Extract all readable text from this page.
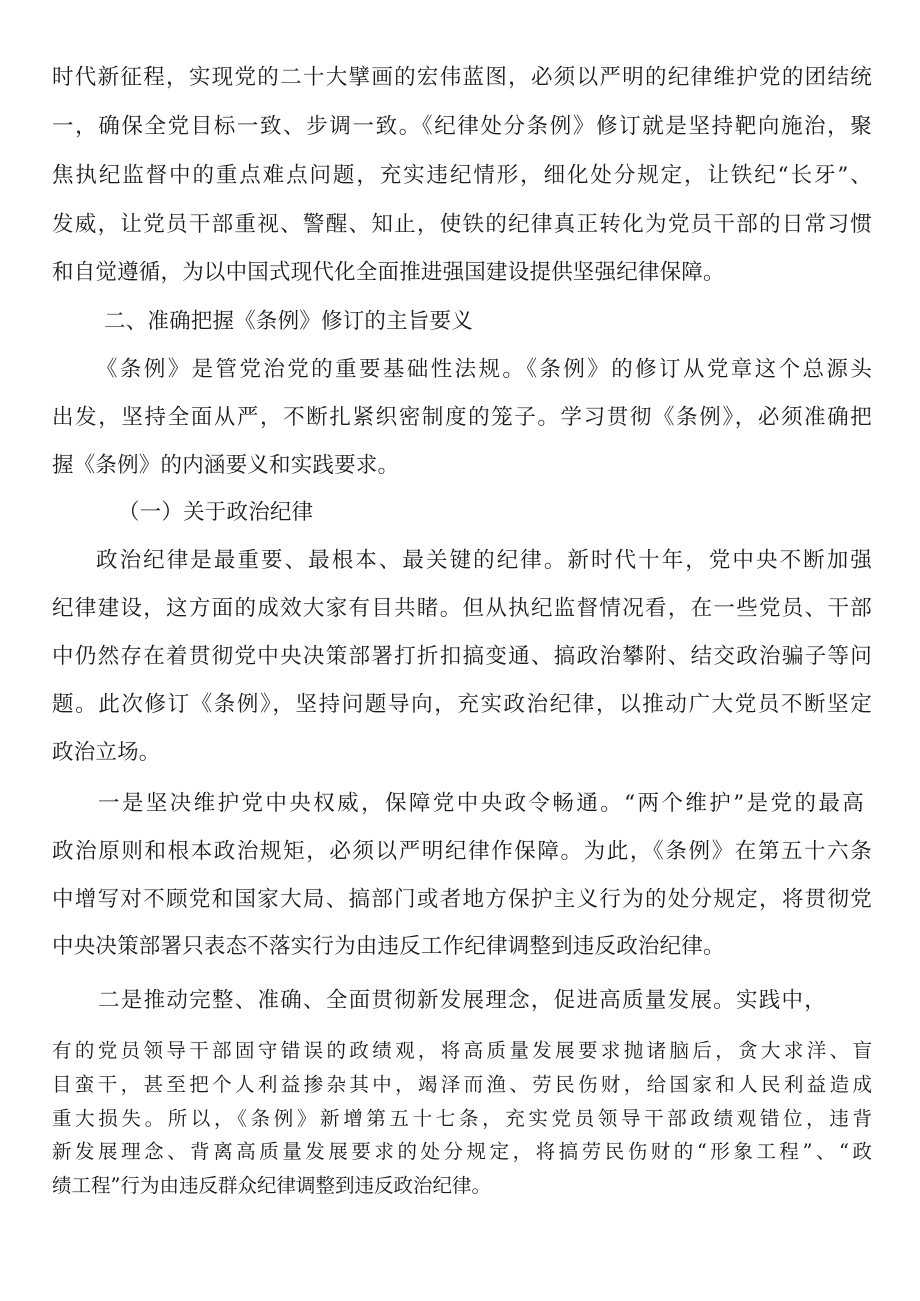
时代新征程，实现党的二十大擘画的宏伟蓝图，必须以严明的纪律维护党的团结统
一，确保全党目标一致、步调一致。《纪律处分条例》修订就是坚持靶向施治，聚
焦执纪监督中的重点难点问题，充实违纪情形，细化处分规定，让铁纪“长牙”、
发威，让党员干部重视、警醒、知止，使铁的纪律真正转化为党员干部的日常习惯
和自觉遵循，为以中国式现代化全面推进强国建设提供坚强纪律保障。
二、准确把握《条例》修订的主旨要义
《条例》是管党治党的重要基础性法规。《条例》的修订从党章这个总源头
出发，坚持全面从严，不断扎紧织密制度的笼子。学习贯彻《条例》，必须准确把
握《条例》的内涵要义和实践要求。
（一）关于政治纪律
政治纪律是最重要、最根本、最关键的纪律。新时代十年，党中央不断加强
纪律建设，这方面的成效大家有目共睹。但从执纪监督情况看，在一些党员、干部
中仍然存在着贯彻党中央决策部署打折扣搞变通、搞政治攀附、结交政治骗子等问
题。此次修订《条例》，坚持问题导向，充实政治纪律，以推动广大党员不断坚定
政治立场。
一是坚决维护党中央权威，保障党中央政令畅通。“两个维护”是党的最高
政治原则和根本政治规矩，必须以严明纪律作保障。为此，《条例》在第五十六条
中增写对不顾党和国家大局、搞部门或者地方保护主义行为的处分规定，将贯彻党
中央决策部署只表态不落实行为由违反工作纪律调整到违反政治纪律。
二是推动完整、准确、全面贯彻新发展理念，促进高质量发展。实践中，
有的党员领导干部固守错误的政绩观，将高质量发展要求抛诸脑后，贪大求洋、盲
目蛮干，甚至把个人利益掺杂其中，竭泽而渔、劳民伤财，给国家和人民利益造成
重大损失。所以，《条例》新增第五十七条，充实党员领导干部政绩观错位，违背
新发展理念、背离高质量发展要求的处分规定，将搞劳民伤财的“形象工程”、“政
绩工程”行为由违反群众纪律调整到违反政治纪律。
